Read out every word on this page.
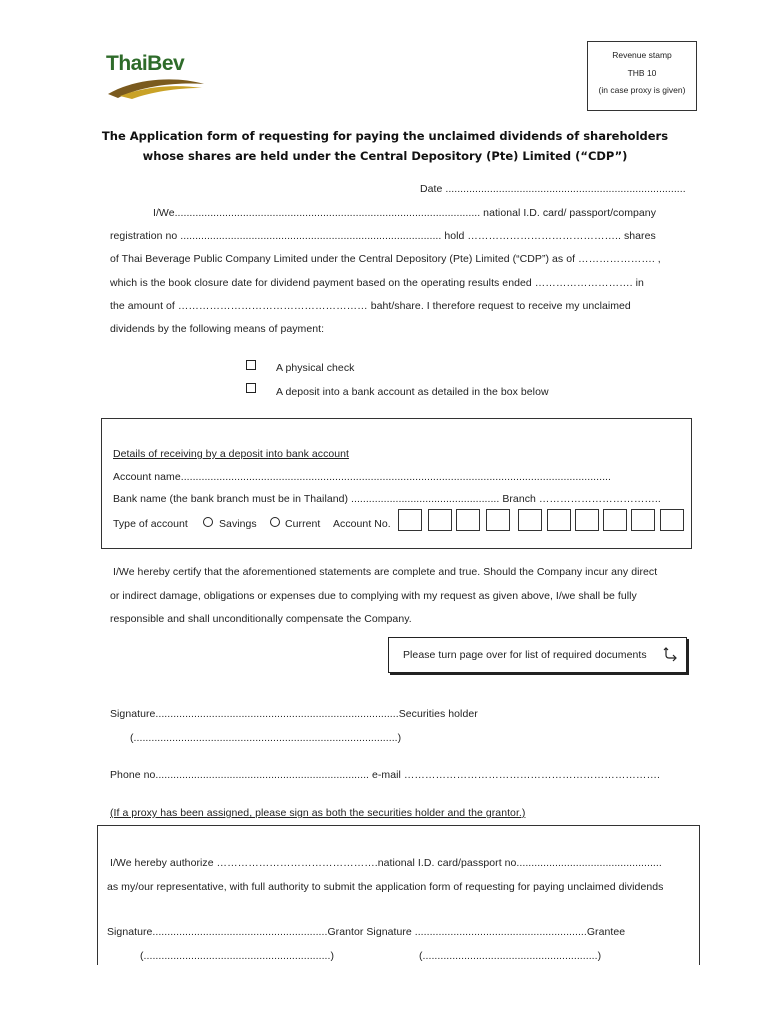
ThaiBev	Revenue stamp
THB 10
(in case proxy is given)
The Application form of requesting for paying the unclaimed dividends of shareholders
whose shares are held under the Central Depository (Pte) Limited (“CDP”)
Date .................................................................................
I/We....................................................................................................... national I.D. card/ passport/company
registration no ........................................................................................ hold …………………………………….. shares
of Thai Beverage Public Company Limited under the Central Depository (Pte) Limited (“CDP”) as of …………………. ,
which is the book closure date for dividend payment based on the operating results ended ………………………. in
the amount of ……………………………………………… baht/share. I therefore request to receive my unclaimed
dividends by the following means of payment:
A physical check
A deposit into a bank account as detailed in the box below
Details of receiving by a deposit into bank account
Account name.................................................................................................................................................
Bank name (the bank branch must be in Thailand) .................................................. Branch ……………………………..
Type of account	Savings	Current Account No.
I/We hereby certify that the aforementioned statements are complete and true. Should the Company incur any direct
or indirect damage, obligations or expenses due to complying with my request as given above, I/we shall be fully
responsible and shall unconditionally compensate the Company.
Please turn page over for list of required documents
Signature..................................................................................Securities holder
(.........................................................................................)
Phone no........................................................................ e-mail ……………………………………………………………….
(If a proxy has been assigned, please sign as both the securities holder and the grantor.)
I/We hereby authorize ……………………………………….national I.D. card/passport no.................................................
as my/our representative, with full authority to submit the application form of requesting for paying unclaimed dividends
Signature...........................................................Grantor Signature ..........................................................Grantee
(...............................................................)	(...........................................................)
